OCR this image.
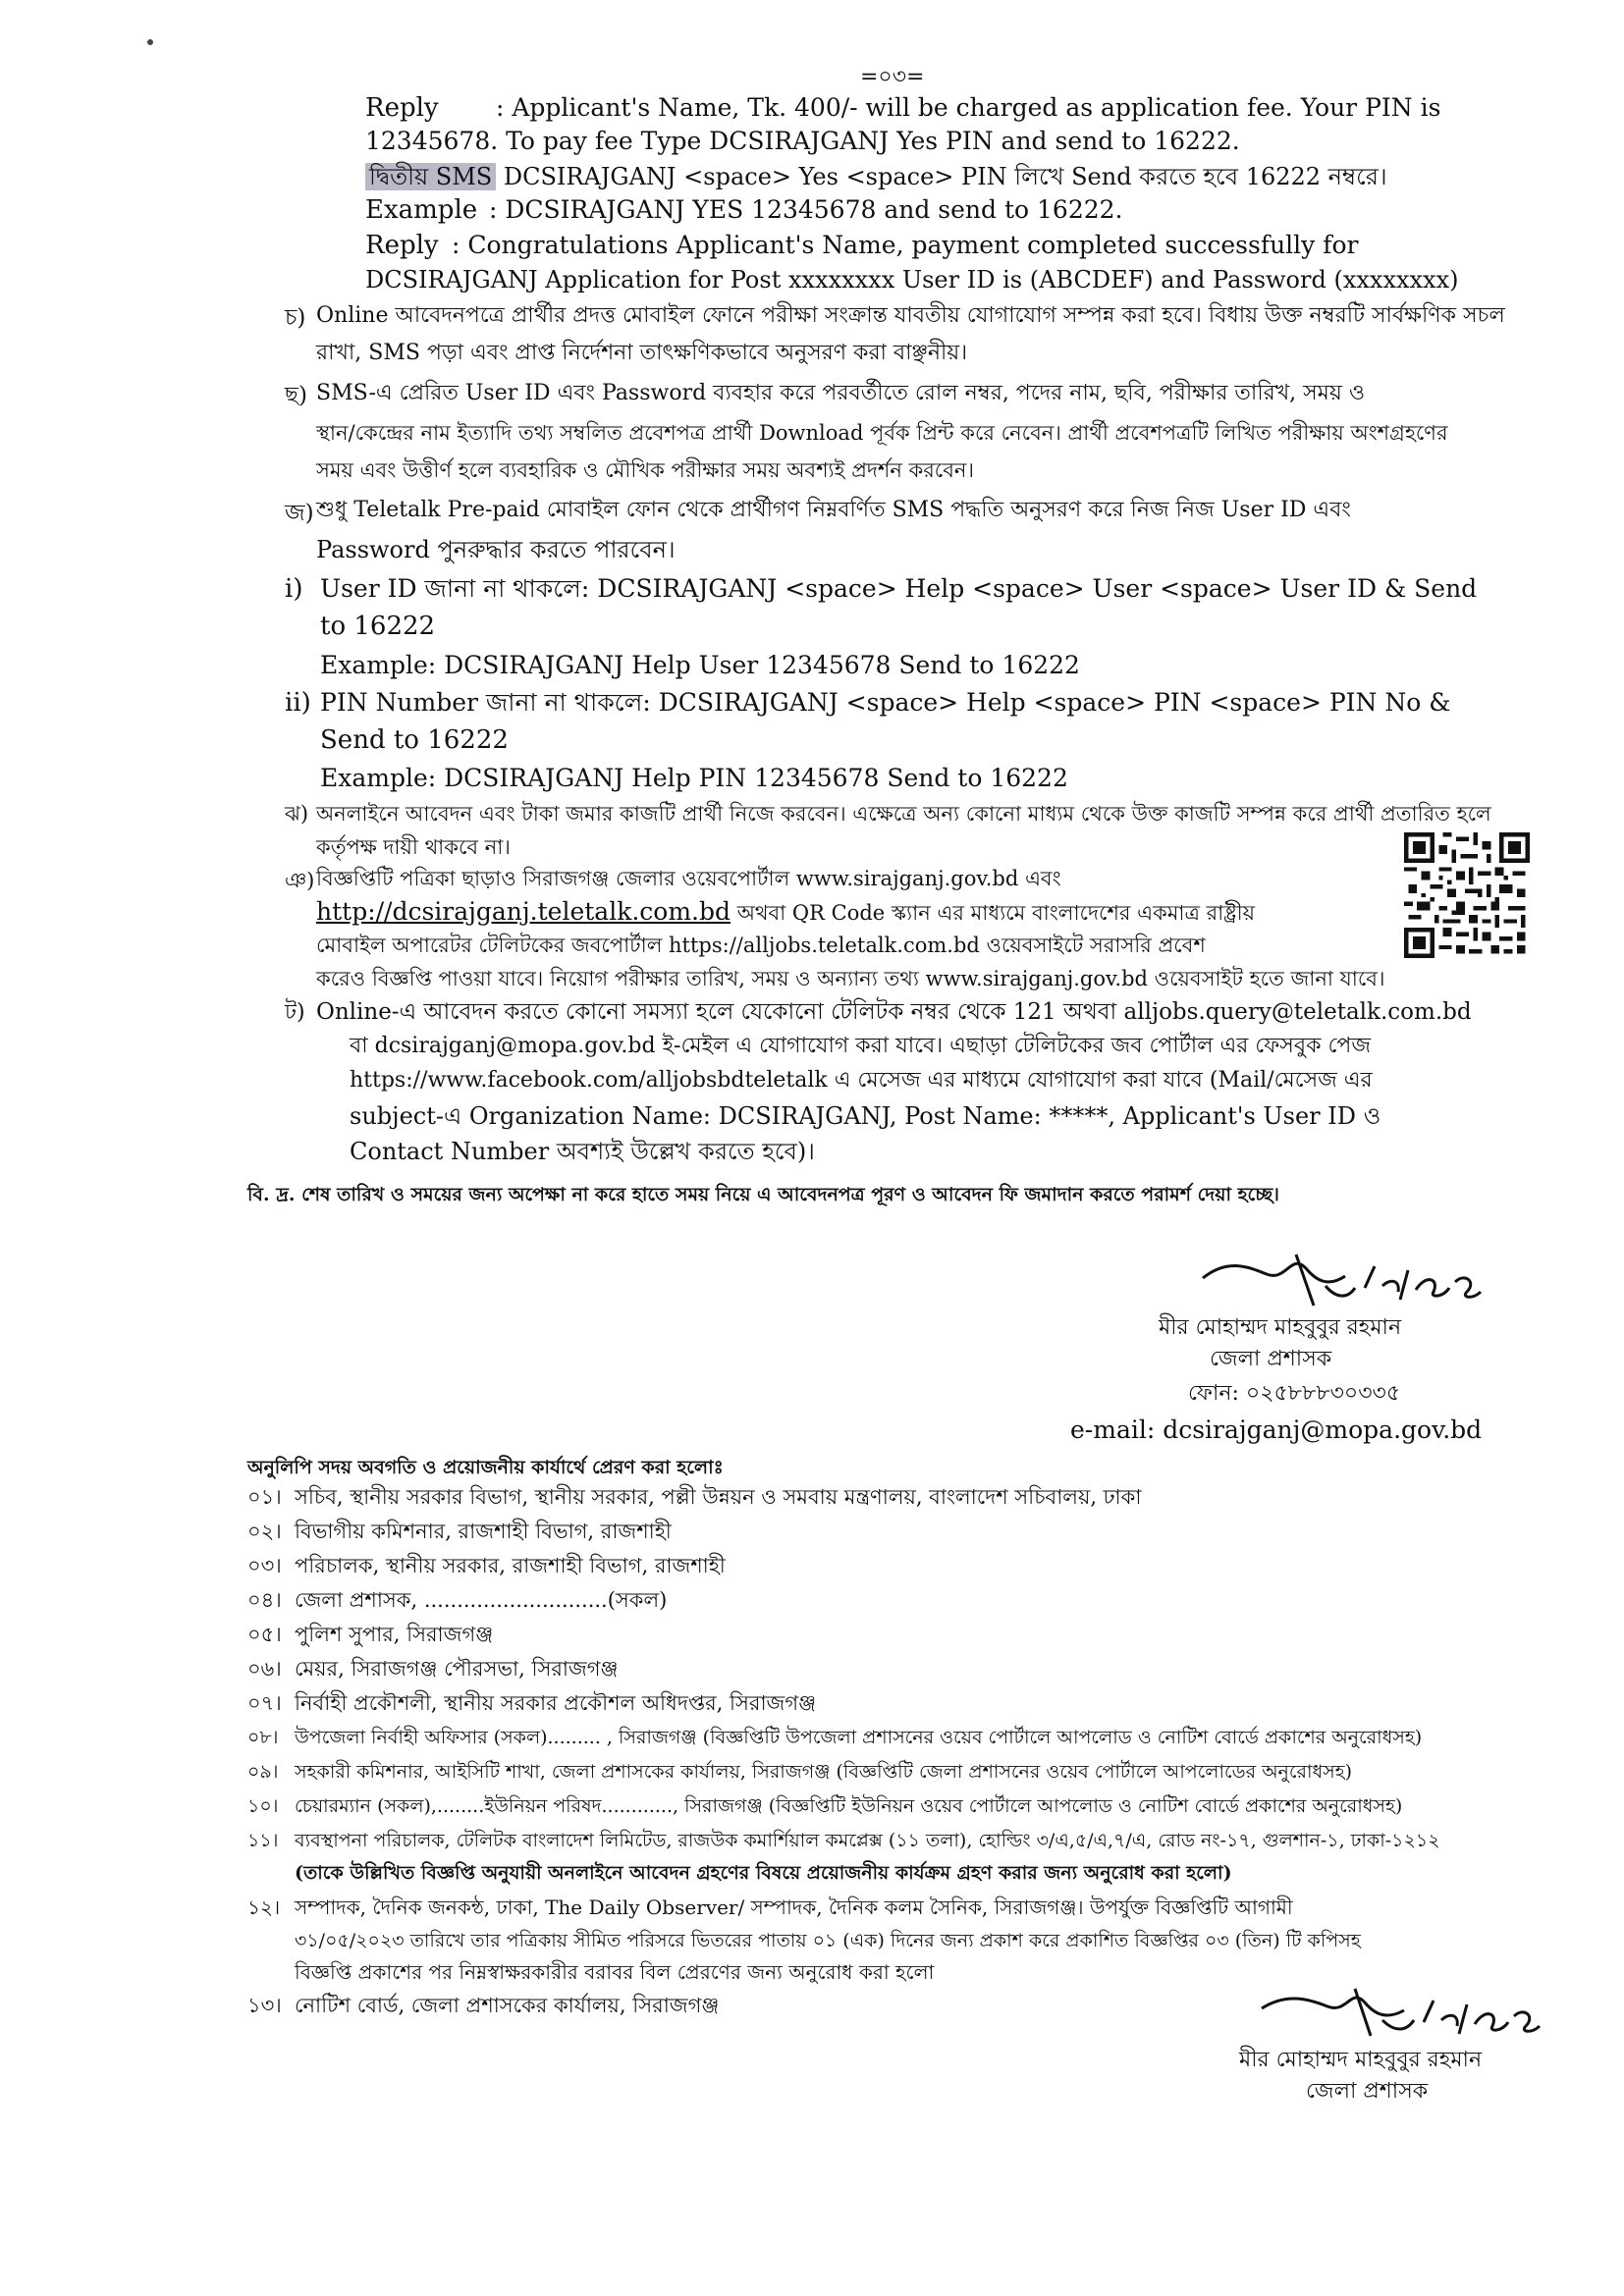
=০৩=
Reply : Applicant's Name, Tk. 400/- will be charged as application fee. Your PIN is
12345678. To pay fee Type DCSIRAJGANJ Yes PIN and send to 16222.
দ্বিতীয় SMS DCSIRAJGANJ <space> Yes <space> PIN লিখে Send করতে হবে 16222 নম্বরে।
Example : DCSIRAJGANJ YES 12345678 and send to 16222.
Reply : Congratulations Applicant's Name, payment completed successfully for
DCSIRAJGANJ Application for Post xxxxxxxx User ID is (ABCDEF) and Password (xxxxxxxx)
চ) Online আবেদনপত্রে প্রার্থীর প্রদত্ত মোবাইল ফোনে পরীক্ষা সংক্রান্ত যাবতীয় যোগাযোগ সম্পন্ন করা হবে। বিধায় উক্ত নম্বরটি সার্বক্ষণিক সচল
রাখা, SMS পড়া এবং প্রাপ্ত নির্দেশনা তাৎক্ষণিকভাবে অনুসরণ করা বাঞ্ছনীয়।
ছ) SMS-এ প্রেরিত User ID এবং Password ব্যবহার করে পরবর্তীতে রোল নম্বর, পদের নাম, ছবি, পরীক্ষার তারিখ, সময় ও
স্থান/কেন্দ্রের নাম ইত্যাদি তথ্য সম্বলিত প্রবেশপত্র প্রার্থী Download পূর্বক প্রিন্ট করে নেবেন। প্রার্থী প্রবেশপত্রটি লিখিত পরীক্ষায় অংশগ্রহণের
সময় এবং উত্তীর্ণ হলে ব্যবহারিক ও মৌখিক পরীক্ষার সময় অবশ্যই প্রদর্শন করবেন।
জ) শুধু Teletalk Pre-paid মোবাইল ফোন থেকে প্রার্থীগণ নিম্নবর্ণিত SMS পদ্ধতি অনুসরণ করে নিজ নিজ User ID এবং
Password পুনরুদ্ধার করতে পারবেন।
i) User ID জানা না থাকলে: DCSIRAJGANJ <space> Help <space> User <space> User ID & Send
to 16222
Example: DCSIRAJGANJ Help User 12345678 Send to 16222
ii) PIN Number জানা না থাকলে: DCSIRAJGANJ <space> Help <space> PIN <space> PIN No &
Send to 16222
Example: DCSIRAJGANJ Help PIN 12345678 Send to 16222
ঝ) অনলাইনে আবেদন এবং টাকা জমার কাজটি প্রার্থী নিজে করবেন। এক্ষেত্রে অন্য কোনো মাধ্যম থেকে উক্ত কাজটি সম্পন্ন করে প্রার্থী প্রতারিত হলে
কর্তৃপক্ষ দায়ী থাকবে না।
ঞ) বিজ্ঞপ্তিটি পত্রিকা ছাড়াও সিরাজগঞ্জ জেলার ওয়েবপোর্টাল www.sirajganj.gov.bd এবং
http://dcsirajganj.teletalk.com.bd অথবা QR Code স্ক্যান এর মাধ্যমে বাংলাদেশের একমাত্র রাষ্ট্রীয়
মোবাইল অপারেটর টেলিটকের জবপোর্টাল https://alljobs.teletalk.com.bd ওয়েবসাইটে সরাসরি প্রবেশ
করেও বিজ্ঞপ্তি পাওয়া যাবে। নিয়োগ পরীক্ষার তারিখ, সময় ও অন্যান্য তথ্য www.sirajganj.gov.bd ওয়েবসাইট হতে জানা যাবে।
ট) Online-এ আবেদন করতে কোনো সমস্যা হলে যেকোনো টেলিটক নম্বর থেকে 121 অথবা alljobs.query@teletalk.com.bd
বা dcsirajganj@mopa.gov.bd ই-মেইল এ যোগাযোগ করা যাবে। এছাড়া টেলিটকের জব পোর্টাল এর ফেসবুক পেজ
https://www.facebook.com/alljobsbdteletalk এ মেসেজ এর মাধ্যমে যোগাযোগ করা যাবে (Mail/মেসেজ এর
subject-এ Organization Name: DCSIRAJGANJ, Post Name: *****, Applicant's User ID ও
Contact Number অবশ্যই উল্লেখ করতে হবে)।
বি. দ্র. শেষ তারিখ ও সময়ের জন্য অপেক্ষা না করে হাতে সময় নিয়ে এ আবেদনপত্র পূরণ ও আবেদন ফি জমাদান করতে পরামর্শ দেয়া হচ্ছে।
মীর মোহাম্মদ মাহবুবুর রহমান
জেলা প্রশাসক
ফোন: ০২৫৮৮৮৩০৩৩৫
e-mail: dcsirajganj@mopa.gov.bd
অনুলিপি সদয় অবগতি ও প্রয়োজনীয় কার্যার্থে প্রেরণ করা হলোঃ
০১। সচিব, স্থানীয় সরকার বিভাগ, স্থানীয় সরকার, পল্লী উন্নয়ন ও সমবায় মন্ত্রণালয়, বাংলাদেশ সচিবালয়, ঢাকা
০২। বিভাগীয় কমিশনার, রাজশাহী বিভাগ, রাজশাহী
০৩। পরিচালক, স্থানীয় সরকার, রাজশাহী বিভাগ, রাজশাহী
০৪। জেলা প্রশাসক, ............................(সকল)
০৫। পুলিশ সুপার, সিরাজগঞ্জ
০৬। মেয়র, সিরাজগঞ্জ পৌরসভা, সিরাজগঞ্জ
০৭। নির্বাহী প্রকৌশলী, স্থানীয় সরকার প্রকৌশল অধিদপ্তর, সিরাজগঞ্জ
০৮। উপজেলা নির্বাহী অফিসার (সকল)......... , সিরাজগঞ্জ (বিজ্ঞপ্তিটি উপজেলা প্রশাসনের ওয়েব পোর্টালে আপলোড ও নোটিশ বোর্ডে প্রকাশের অনুরোধসহ)
০৯। সহকারী কমিশনার, আইসিটি শাখা, জেলা প্রশাসকের কার্যালয়, সিরাজগঞ্জ (বিজ্ঞপ্তিটি জেলা প্রশাসনের ওয়েব পোর্টালে আপলোডের অনুরোধসহ)
১০। চেয়ারম্যান (সকল),........ইউনিয়ন পরিষদ............, সিরাজগঞ্জ (বিজ্ঞপ্তিটি ইউনিয়ন ওয়েব পোর্টালে আপলোড ও নোটিশ বোর্ডে প্রকাশের অনুরোধসহ)
১১। ব্যবস্থাপনা পরিচালক, টেলিটক বাংলাদেশ লিমিটেড, রাজউক কমার্শিয়াল কমপ্লেক্স (১১ তলা), হোল্ডিং ৩/এ,৫/এ,৭/এ, রোড নং-১৭, গুলশান-১, ঢাকা-১২১২
(তাকে উল্লিখিত বিজ্ঞপ্তি অনুযায়ী অনলাইনে আবেদন গ্রহণের বিষয়ে প্রয়োজনীয় কার্যক্রম গ্রহণ করার জন্য অনুরোধ করা হলো)
১২। সম্পাদক, দৈনিক জনকন্ঠ, ঢাকা, The Daily Observer/ সম্পাদক, দৈনিক কলম সৈনিক, সিরাজগঞ্জ। উপর্যুক্ত বিজ্ঞপ্তিটি আগামী
৩১/০৫/২০২৩ তারিখে তার পত্রিকায় সীমিত পরিসরে ভিতরের পাতায় ০১ (এক) দিনের জন্য প্রকাশ করে প্রকাশিত বিজ্ঞপ্তির ০৩ (তিন) টি কপিসহ
বিজ্ঞপ্তি প্রকাশের পর নিম্নস্বাক্ষরকারীর বরাবর বিল প্রেরণের জন্য অনুরোধ করা হলো
১৩। নোটিশ বোর্ড, জেলা প্রশাসকের কার্যালয়, সিরাজগঞ্জ
মীর মোহাম্মদ মাহবুবুর রহমান
জেলা প্রশাসক
